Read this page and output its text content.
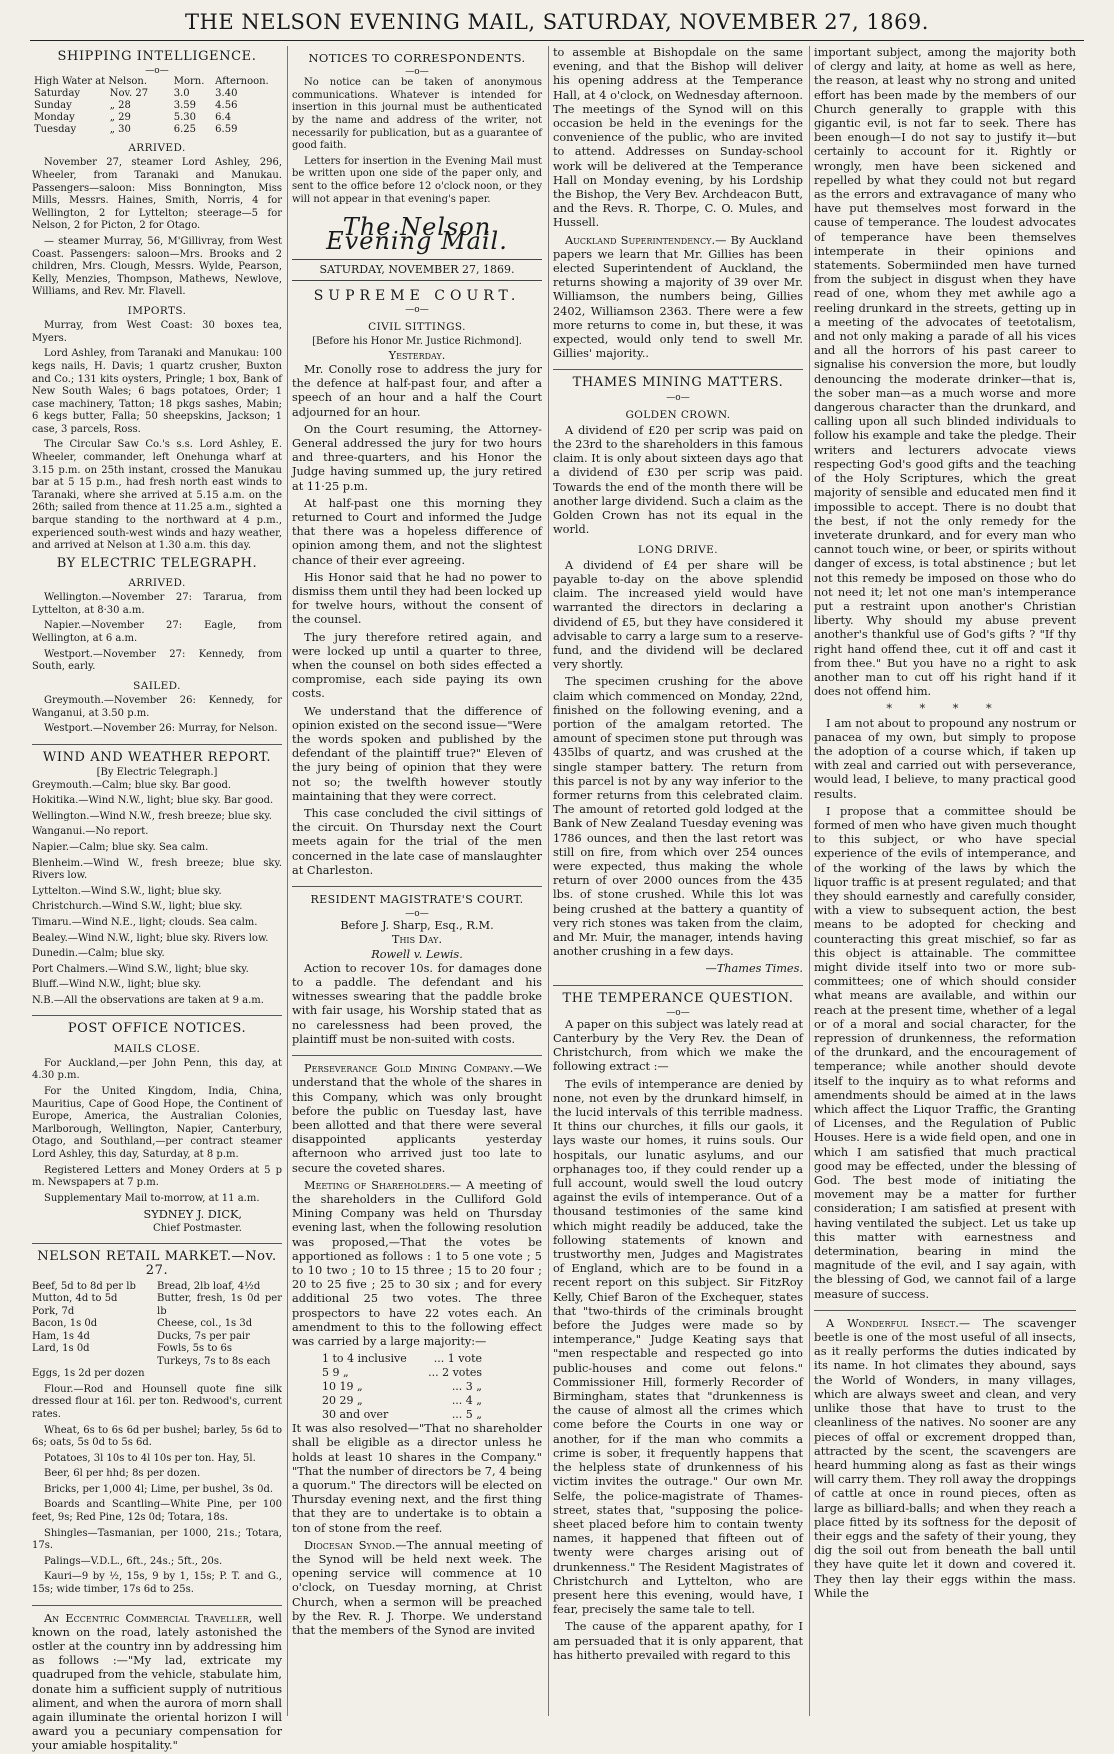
THE NELSON EVENING MAIL, SATURDAY, NOVEMBER 27, 1869.
SHIPPING INTELLIGENCE.
—o—
High Water at Nelson.		Morn.	Afternoon.
Saturday	Nov. 27	3.0	3.40
Sunday	„ 28	3.59	4.56
Monday	„ 29	5.30	6.4
Tuesday	„ 30	6.25	6.59
ARRIVED.

November 27, steamer Lord Ashley, 296, Wheeler, from Taranaki and Manukau. Passengers—saloon: Miss Bonnington, Miss Mills, Messrs. Haines, Smith, Norris, 4 for Wellington, 2 for Lyttelton; steerage—5 for Nelson, 2 for Picton, 2 for Otago.

— steamer Murray, 56, M'Gillivray, from West Coast. Passengers: saloon—Mrs. Brooks and 2 children, Mrs. Clough, Messrs. Wylde, Pearson, Kelly, Menzies, Thompson, Mathews, Newlove, Williams, and Rev. Mr. Flavell.

IMPORTS.

Murray, from West Coast: 30 boxes tea, Myers.

Lord Ashley, from Taranaki and Manukau: 100 kegs nails, H. Davis; 1 quartz crusher, Buxton and Co.; 131 kits oysters, Pringle; 1 box, Bank of New South Wales; 6 bags potatoes, Order; 1 case machinery, Tatton; 18 pkgs sashes, Mabin; 6 kegs butter, Falla; 50 sheepskins, Jackson; 1 case, 3 parcels, Ross.

The Circular Saw Co.'s s.s. Lord Ashley, E. Wheeler, commander, left Onehunga wharf at 3.15 p.m. on 25th instant, crossed the Manukau bar at 5 15 p.m., had fresh north east winds to Taranaki, where she arrived at 5.15 a.m. on the 26th; sailed from thence at 11.25 a.m., sighted a barque standing to the northward at 4 p.m., experienced south-west winds and hazy weather, and arrived at Nelson at 1.30 a.m. this day.

BY ELECTRIC TELEGRAPH.
ARRIVED.

Wellington.—November 27: Tararua, from Lyttelton, at 8·30 a.m.

Napier.—November 27: Eagle, from Wellington, at 6 a.m.

Westport.—November 27: Kennedy, from South, early.

SAILED.

Greymouth.—November 26: Kennedy, for Wanganui, at 3.50 p.m.

Westport.—November 26: Murray, for Nelson.

WIND AND WEATHER REPORT.
[By Electric Telegraph.]

Greymouth.—Calm; blue sky. Bar good.

Hokitika.—Wind N.W., light; blue sky. Bar good.

Wellington.—Wind N.W., fresh breeze; blue sky.

Wanganui.—No report.

Napier.—Calm; blue sky. Sea calm.

Blenheim.—Wind W., fresh breeze; blue sky. Rivers low.

Lyttelton.—Wind S.W., light; blue sky.

Christchurch.—Wind S.W., light; blue sky.

Timaru.—Wind N.E., light; clouds. Sea calm.

Bealey.—Wind N.W., light; blue sky. Rivers low.

Dunedin.—Calm; blue sky.

Port Chalmers.—Wind S.W., light; blue sky.

Bluff.—Wind N.W., light; blue sky.

N.B.—All the observations are taken at 9 a.m.

POST OFFICE NOTICES.
MAILS CLOSE.

For Auckland,—per John Penn, this day, at 4.30 p.m.

For the United Kingdom, India, China, Mauritius, Cape of Good Hope, the Continent of Europe, America, the Australian Colonies, Marlborough, Wellington, Napier, Canterbury, Otago, and Southland,—per contract steamer Lord Ashley, this day, Saturday, at 8 p.m.

Registered Letters and Money Orders at 5 p m. Newspapers at 7 p.m.

Supplementary Mail to-morrow, at 11 a.m.

SYDNEY J. DICK,
Chief Postmaster.
NELSON RETAIL MARKET.—Nov. 27.
Beef, 5d to 8d per lb
Mutton, 4d to 5d
Pork, 7d
Bacon, 1s 0d
Ham, 1s 4d
Lard, 1s 0d
Bread, 2lb loaf, 4½d
Butter, fresh, 1s 0d per lb
Cheese, col., 1s 3d
Ducks, 7s per pair
Fowls, 5s to 6s
Turkeys, 7s to 8s each

Eggs, 1s 2d per dozen

Flour.—Rod and Hounsell quote fine silk dressed flour at 16l. per ton. Redwood's, current rates.

Wheat, 6s to 6s 6d per bushel; barley, 5s 6d to 6s; oats, 5s 0d to 5s 6d.

Potatoes, 3l 10s to 4l 10s per ton. Hay, 5l.

Beer, 6l per hhd; 8s per dozen.

Bricks, per 1,000 4l; Lime, per bushel, 3s 0d.

Boards and Scantling—White Pine, per 100 feet, 9s; Red Pine, 12s 0d; Totara, 18s.

Shingles—Tasmanian, per 1000, 21s.; Totara, 17s.

Palings—V.D.L., 6ft., 24s.; 5ft., 20s.

Kauri—9 by ½, 15s, 9 by 1, 15s; P. T. and G., 15s; wide timber, 17s 6d to 25s.

An Eccentric Commercial Traveller, well known on the road, lately astonished the ostler at the country inn by addressing him as follows :—"My lad, extricate my quadruped from the vehicle, stabulate him, donate him a sufficient supply of nutritious aliment, and when the aurora of morn shall again illuminate the oriental horizon I will award you a pecuniary compensation for your amiable hospitality."

NOTICES TO CORRESPONDENTS.
—o—

No notice can be taken of anonymous communications. Whatever is intended for insertion in this journal must be authenticated by the name and address of the writer, not necessarily for publication, but as a guarantee of good faith.

Letters for insertion in the Evening Mail must be written upon one side of the paper only, and sent to the office before 12 o'clock noon, or they will not appear in that evening's paper.

The Nelson Evening Mail.
SATURDAY, NOVEMBER 27, 1869.
SUPREME COURT.
—o—
CIVIL SITTINGS.
[Before his Honor Mr. Justice Richmond].
Yesterday.

Mr. Conolly rose to address the jury for the defence at half-past four, and after a speech of an hour and a half the Court adjourned for an hour.

On the Court resuming, the Attorney-General addressed the jury for two hours and three-quarters, and his Honor the Judge having summed up, the jury retired at 11·25 p.m.

At half-past one this morning they returned to Court and informed the Judge that there was a hopeless difference of opinion among them, and not the slightest chance of their ever agreeing.

His Honor said that he had no power to dismiss them until they had been locked up for twelve hours, without the consent of the counsel.

The jury therefore retired again, and were locked up until a quarter to three, when the counsel on both sides effected a compromise, each side paying its own costs.

We understand that the difference of opinion existed on the second issue—"Were the words spoken and published by the defendant of the plaintiff true?" Eleven of the jury being of opinion that they were not so; the twelfth however stoutly maintaining that they were correct.

This case concluded the civil sittings of the circuit. On Thursday next the Court meets again for the trial of the men concerned in the late case of manslaughter at Charleston.

RESIDENT MAGISTRATE'S COURT.
—o—
Before J. Sharp, Esq., R.M.
This Day.
Rowell v. Lewis.

Action to recover 10s. for damages done to a paddle. The defendant and his witnesses swearing that the paddle broke with fair usage, his Worship stated that as no carelessness had been proved, the plaintiff must be non-suited with costs.

Perseverance Gold Mining Company.—We understand that the whole of the shares in this Company, which was only brought before the public on Tuesday last, have been allotted and that there were several disappointed applicants yesterday afternoon who arrived just too late to secure the coveted shares.

Meeting of Shareholders.— A meeting of the shareholders in the Culliford Gold Mining Company was held on Thursday evening last, when the following resolution was proposed,—That the votes be apportioned as follows : 1 to 5 one vote ; 5 to 10 two ; 10 to 15 three ; 15 to 20 four ; 20 to 25 five ; 25 to 30 six ; and for every additional 25 two votes. The three prospectors to have 22 votes each. An amendment to this to the following effect was carried by a large majority:—

1 to 4 inclusive ... 1 vote
5 9 „	... 2 votes
10 19 „	... 3 „
20 29 „	... 4 „
30 and over	... 5 „

It was also resolved—"That no shareholder shall be eligible as a director unless he holds at least 10 shares in the Company." "That the number of directors be 7, 4 being a quorum." The directors will be elected on Thursday evening next, and the first thing that they are to undertake is to obtain a ton of stone from the reef.

Diocesan Synod.—The annual meeting of the Synod will be held next week. The opening service will commence at 10 o'clock, on Tuesday morning, at Christ Church, when a sermon will be preached by the Rev. R. J. Thorpe. We understand that the members of the Synod are invited

to assemble at Bishopdale on the same evening, and that the Bishop will deliver his opening address at the Temperance Hall, at 4 o'clock, on Wednesday afternoon. The meetings of the Synod will on this occasion be held in the evenings for the convenience of the public, who are invited to attend. Addresses on Sunday-school work will be delivered at the Temperance Hall on Monday evening, by his Lordship the Bishop, the Very Bev. Archdeacon Butt, and the Revs. R. Thorpe, C. O. Mules, and Hussell.

Auckland Superintendency.— By Auckland papers we learn that Mr. Gillies has been elected Superintendent of Auckland, the returns showing a majority of 39 over Mr. Williamson, the numbers being, Gillies 2402, Williamson 2363. There were a few more returns to come in, but these, it was expected, would only tend to swell Mr. Gillies' majority..

THAMES MINING MATTERS.
—o—
GOLDEN CROWN.

A dividend of £20 per scrip was paid on the 23rd to the shareholders in this famous claim. It is only about sixteen days ago that a dividend of £30 per scrip was paid. Towards the end of the month there will be another large dividend. Such a claim as the Golden Crown has not its equal in the world.

LONG DRIVE.

A dividend of £4 per share will be payable to-day on the above splendid claim. The increased yield would have warranted the directors in declaring a dividend of £5, but they have considered it advisable to carry a large sum to a reserve-fund, and the dividend will be declared very shortly.

The specimen crushing for the above claim which commenced on Monday, 22nd, finished on the following evening, and a portion of the amalgam retorted. The amount of specimen stone put through was 435lbs of quartz, and was crushed at the single stamper battery. The return from this parcel is not by any way inferior to the former returns from this celebrated claim. The amount of retorted gold lodged at the Bank of New Zealand Tuesday evening was 1786 ounces, and then the last retort was still on fire, from which over 254 ounces were expected, thus making the whole return of over 2000 ounces from the 435 lbs. of stone crushed. While this lot was being crushed at the battery a quantity of very rich stones was taken from the claim, and Mr. Muir, the manager, intends having another crushing in a few days.

—Thames Times.
THE TEMPERANCE QUESTION.
—o—

A paper on this subject was lately read at Canterbury by the Very Rev. the Dean of Christchurch, from which we make the following extract :—

The evils of intemperance are denied by none, not even by the drunkard himself, in the lucid intervals of this terrible madness. It thins our churches, it fills our gaols, it lays waste our homes, it ruins souls. Our hospitals, our lunatic asylums, and our orphanages too, if they could render up a full account, would swell the loud outcry against the evils of intemperance. Out of a thousand testimonies of the same kind which might readily be adduced, take the following statements of known and trustworthy men, Judges and Magistrates of England, which are to be found in a recent report on this subject. Sir FitzRoy Kelly, Chief Baron of the Exchequer, states that "two-thirds of the criminals brought before the Judges were made so by intemperance," Judge Keating says that "men respectable and respected go into public-houses and come out felons." Commissioner Hill, formerly Recorder of Birmingham, states that "drunkenness is the cause of almost all the crimes which come before the Courts in one way or another, for if the man who commits a crime is sober, it frequently happens that the helpless state of drunkenness of his victim invites the outrage." Our own Mr. Selfe, the police-magistrate of Thames-street, states that, "supposing the police-sheet placed before him to contain twenty names, it happened that fifteen out of twenty were charges arising out of drunkenness." The Resident Magistrates of Christchurch and Lyttelton, who are present here this evening, would have, I fear, precisely the same tale to tell.

The cause of the apparent apathy, for I am persuaded that it is only apparent, that has hitherto prevailed with regard to this

important subject, among the majority both of clergy and laity, at home as well as here, the reason, at least why no strong and united effort has been made by the members of our Church generally to grapple with this gigantic evil, is not far to seek. There has been enough—I do not say to justify it—but certainly to account for it. Rightly or wrongly, men have been sickened and repelled by what they could not but regard as the errors and extravagance of many who have put themselves most forward in the cause of temperance. The loudest advocates of temperance have been themselves intemperate in their opinions and statements. Sobermiinded men have turned from the subject in disgust when they have read of one, whom they met awhile ago a reeling drunkard in the streets, getting up in a meeting of the advocates of teetotalism, and not only making a parade of all his vices and all the horrors of his past career to signalise his conversion the more, but loudly denouncing the moderate drinker—that is, the sober man—as a much worse and more dangerous character than the drunkard, and calling upon all such blinded individuals to follow his example and take the pledge. Their writers and lecturers advocate views respecting God's good gifts and the teaching of the Holy Scriptures, which the great majority of sensible and educated men find it impossible to accept. There is no doubt that the best, if not the only remedy for the inveterate drunkard, and for every man who cannot touch wine, or beer, or spirits without danger of excess, is total abstinence ; but let not this remedy be imposed on those who do not need it; let not one man's intemperance put a restraint upon another's Christian liberty. Why should my abuse prevent another's thankful use of God's gifts ? "If thy right hand offend thee, cut it off and cast it from thee." But you have no a right to ask another man to cut off his right hand if it does not offend him.

* * * *

I am not about to propound any nostrum or panacea of my own, but simply to propose the adoption of a course which, if taken up with zeal and carried out with perseverance, would lead, I believe, to many practical good results.

I propose that a committee should be formed of men who have given much thought to this subject, or who have special experience of the evils of intemperance, and of the working of the laws by which the liquor traffic is at present regulated; and that they should earnestly and carefully consider, with a view to subsequent action, the best means to be adopted for checking and counteracting this great mischief, so far as this object is attainable. The committee might divide itself into two or more sub-committees; one of which should consider what means are available, and within our reach at the present time, whether of a legal or of a moral and social character, for the repression of drunkenness, the reformation of the drunkard, and the encouragement of temperance; while another should devote itself to the inquiry as to what reforms and amendments should be aimed at in the laws which affect the Liquor Traffic, the Granting of Licenses, and the Regulation of Public Houses. Here is a wide field open, and one in which I am satisfied that much practical good may be effected, under the blessing of God. The best mode of initiating the movement may be a matter for further consideration; I am satisfied at present with having ventilated the subject. Let us take up this matter with earnestness and determination, bearing in mind the magnitude of the evil, and I say again, with the blessing of God, we cannot fail of a large measure of success.

A Wonderful Insect.— The scavenger beetle is one of the most useful of all insects, as it really performs the duties indicated by its name. In hot climates they abound, says the World of Wonders, in many villages, which are always sweet and clean, and very unlike those that have to trust to the cleanliness of the natives. No sooner are any pieces of offal or excrement dropped than, attracted by the scent, the scavengers are heard humming along as fast as their wings will carry them. They roll away the droppings of cattle at once in round pieces, often as large as billiard-balls; and when they reach a place fitted by its softness for the deposit of their eggs and the safety of their young, they dig the soil out from beneath the ball until they have quite let it down and covered it. They then lay their eggs within the mass. While the
